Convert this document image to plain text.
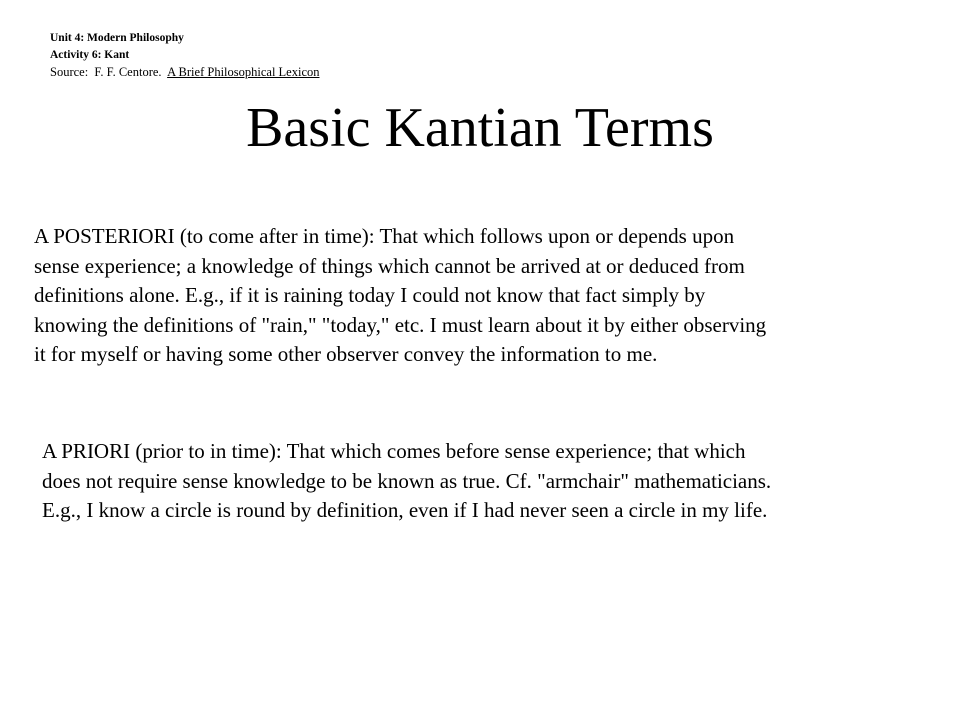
Unit 4: Modern Philosophy
Activity 6: Kant
Source:  F. F. Centore.  A Brief Philosophical Lexicon
Basic Kantian Terms
A POSTERIORI (to come after in time): That which follows upon or depends upon
sense experience; a knowledge of things which cannot be arrived at or deduced from
definitions alone. E.g., if it is raining today I could not know that fact simply by
knowing the definitions of "rain," "today," etc. I must learn about it by either observing
it for myself or having some other observer convey the information to me.
A PRIORI (prior to in time): That which comes before sense experience; that which
does not require sense knowledge to be known as true. Cf. "armchair" mathematicians.
E.g., I know a circle is round by definition, even if I had never seen a circle in my life.
